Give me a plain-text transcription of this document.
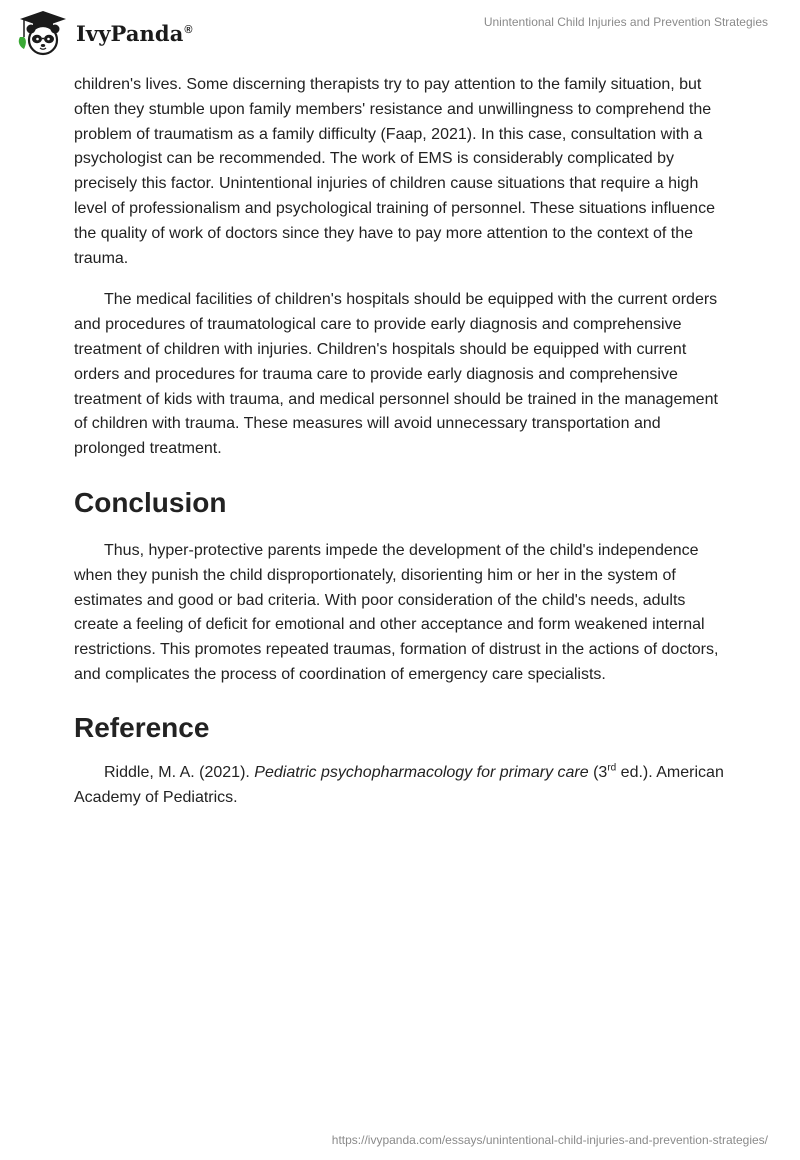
IvyPanda®
Unintentional Child Injuries and Prevention Strategies

children's lives. Some discerning therapists try to pay attention to the family situation, but often they stumble upon family members' resistance and unwillingness to comprehend the problem of traumatism as a family difficulty (Faap, 2021). In this case, consultation with a psychologist can be recommended. The work of EMS is considerably complicated by precisely this factor. Unintentional injuries of children cause situations that require a high level of professionalism and psychological training of personnel. These situations influence the quality of work of doctors since they have to pay more attention to the context of the trauma.

The medical facilities of children's hospitals should be equipped with the current orders and procedures of traumatological care to provide early diagnosis and comprehensive treatment of children with injuries. Children's hospitals should be equipped with current orders and procedures for trauma care to provide early diagnosis and comprehensive treatment of kids with trauma, and medical personnel should be trained in the management of children with trauma. These measures will avoid unnecessary transportation and prolonged treatment.

Conclusion

Thus, hyper-protective parents impede the development of the child's independence when they punish the child disproportionately, disorienting him or her in the system of estimates and good or bad criteria. With poor consideration of the child's needs, adults create a feeling of deficit for emotional and other acceptance and form weakened internal restrictions. This promotes repeated traumas, formation of distrust in the actions of doctors, and complicates the process of coordination of emergency care specialists.

Reference

Riddle, M. A. (2021). Pediatric psychopharmacology for primary care (3rd ed.). American Academy of Pediatrics.

https://ivypanda.com/essays/unintentional-child-injuries-and-prevention-strategies/
